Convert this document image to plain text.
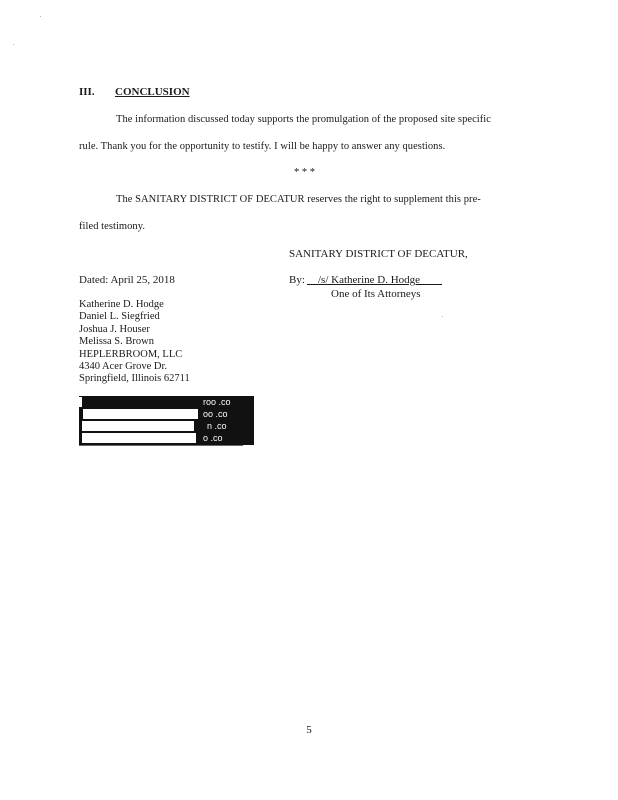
III. CONCLUSION
The information discussed today supports the promulgation of the proposed site specific
rule. Thank you for the opportunity to testify. I will be happy to answer any questions.
* * *
The SANITARY DISTRICT OF DECATUR reserves the right to supplement this pre-
filed testimony.
SANITARY DISTRICT OF DECATUR,
Dated: April 25, 2018	By: /s/ Katherine D. Hodge
One of Its Attorneys
Katherine D. Hodge
Daniel L. Siegfried
Joshua J. Houser
Melissa S. Brown
HEPLERBROOM, LLC
4340 Acer Grove Dr.
Springfield, Illinois 62711
roo .co
oo .co
n .co
o .co
5
